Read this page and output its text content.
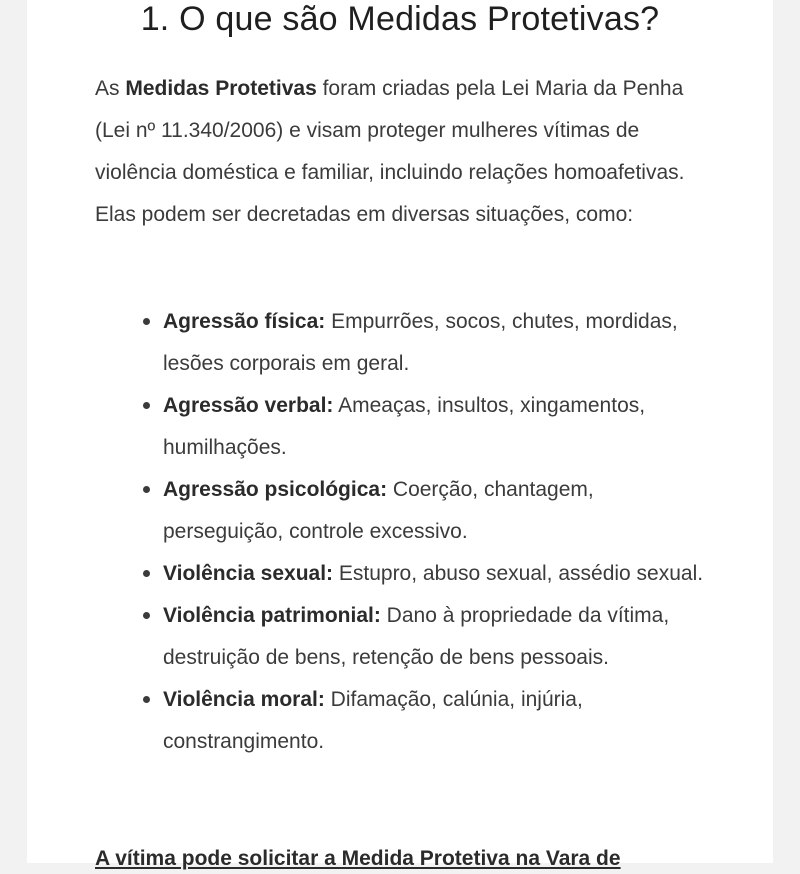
1. O que são Medidas Protetivas?

As Medidas Protetivas foram criadas pela Lei Maria da Penha (Lei nº 11.340/2006) e visam proteger mulheres vítimas de violência doméstica e familiar, incluindo relações homoafetivas. Elas podem ser decretadas em diversas situações, como:

Agressão física: Empurrões, socos, chutes, mordidas, lesões corporais em geral.
Agressão verbal: Ameaças, insultos, xingamentos, humilhações.
Agressão psicológica: Coerção, chantagem, perseguição, controle excessivo.
Violência sexual: Estupro, abuso sexual, assédio sexual.
Violência patrimonial: Dano à propriedade da vítima, destruição de bens, retenção de bens pessoais.
Violência moral: Difamação, calúnia, injúria, constrangimento.

A vítima pode solicitar a Medida Protetiva na Vara de
